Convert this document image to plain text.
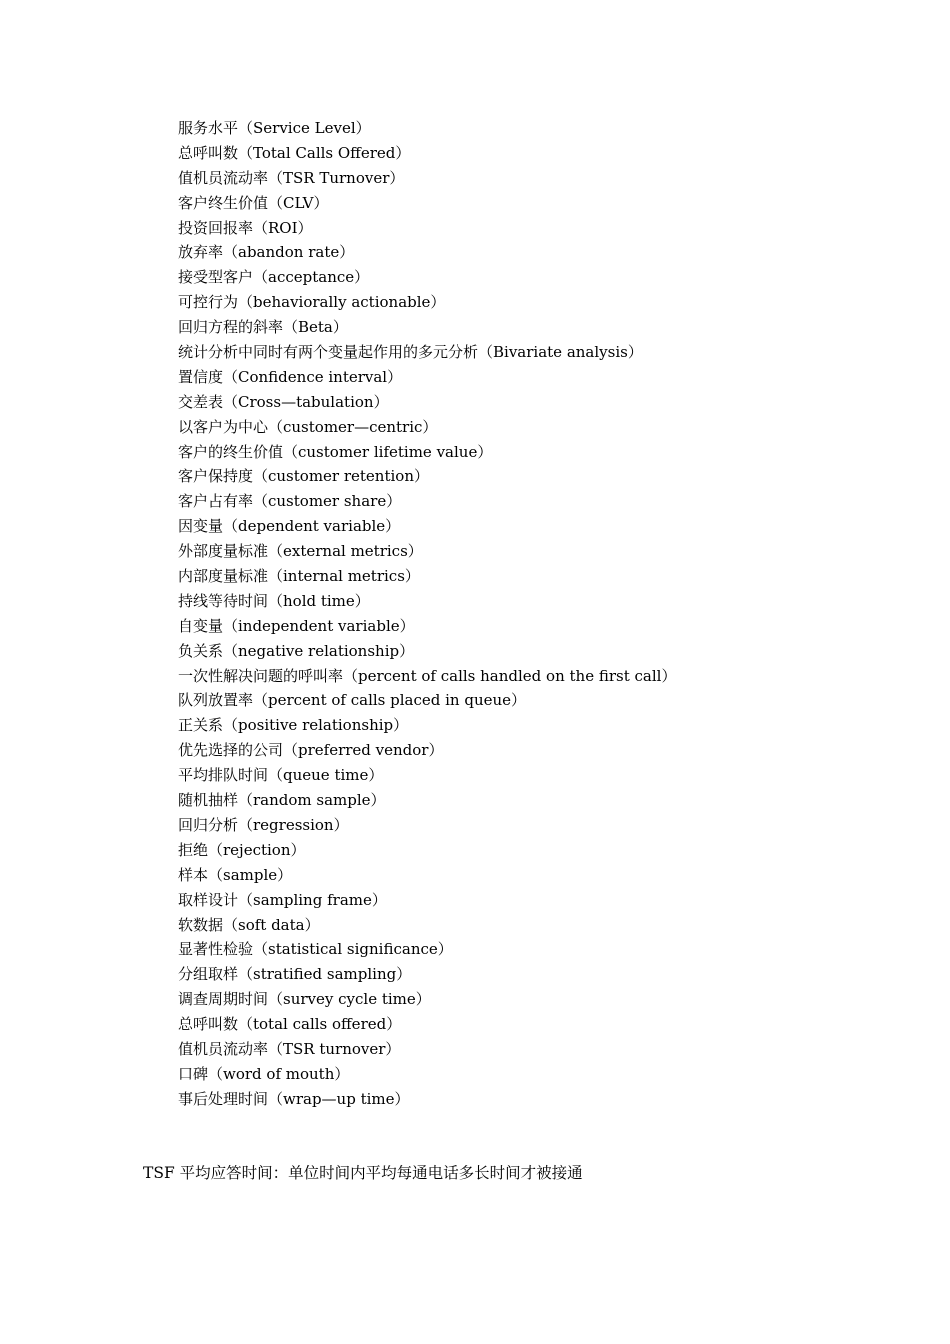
服务水平（Service Level）
总呼叫数（Total Calls Offered）
值机员流动率（TSR Turnover）
客户终生价值（CLV）
投资回报率（ROI）
放弃率（abandon rate）
接受型客户（acceptance）
可控行为（behaviorally actionable）
回归方程的斜率（Beta）
统计分析中同时有两个变量起作用的多元分析（Bivariate analysis）
置信度（Confidence interval）
交差表（Cross—tabulation）
以客户为中心（customer—centric）
客户的终生价值（customer lifetime value）
客户保持度（customer retention）
客户占有率（customer share）
因变量（dependent variable）
外部度量标准（external metrics）
内部度量标准（internal metrics）
持线等待时间（hold time）
自变量（independent variable）
负关系（negative relationship）
一次性解决问题的呼叫率（percent of calls handled on the first call）
队列放置率（percent of calls placed in queue）
正关系（positive relationship）
优先选择的公司（preferred vendor）
平均排队时间（queue time）
随机抽样（random sample）
回归分析（regression）
拒绝（rejection）
样本（sample）
取样设计（sampling frame）
软数据（soft data）
显著性检验（statistical significance）
分组取样（stratified sampling）
调查周期时间（survey cycle time）
总呼叫数（total calls offered）
值机员流动率（TSR turnover）
口碑（word of mouth）
事后处理时间（wrap—up time）
TSF 平均应答时间：单位时间内平均每通电话多长时间才被接通
